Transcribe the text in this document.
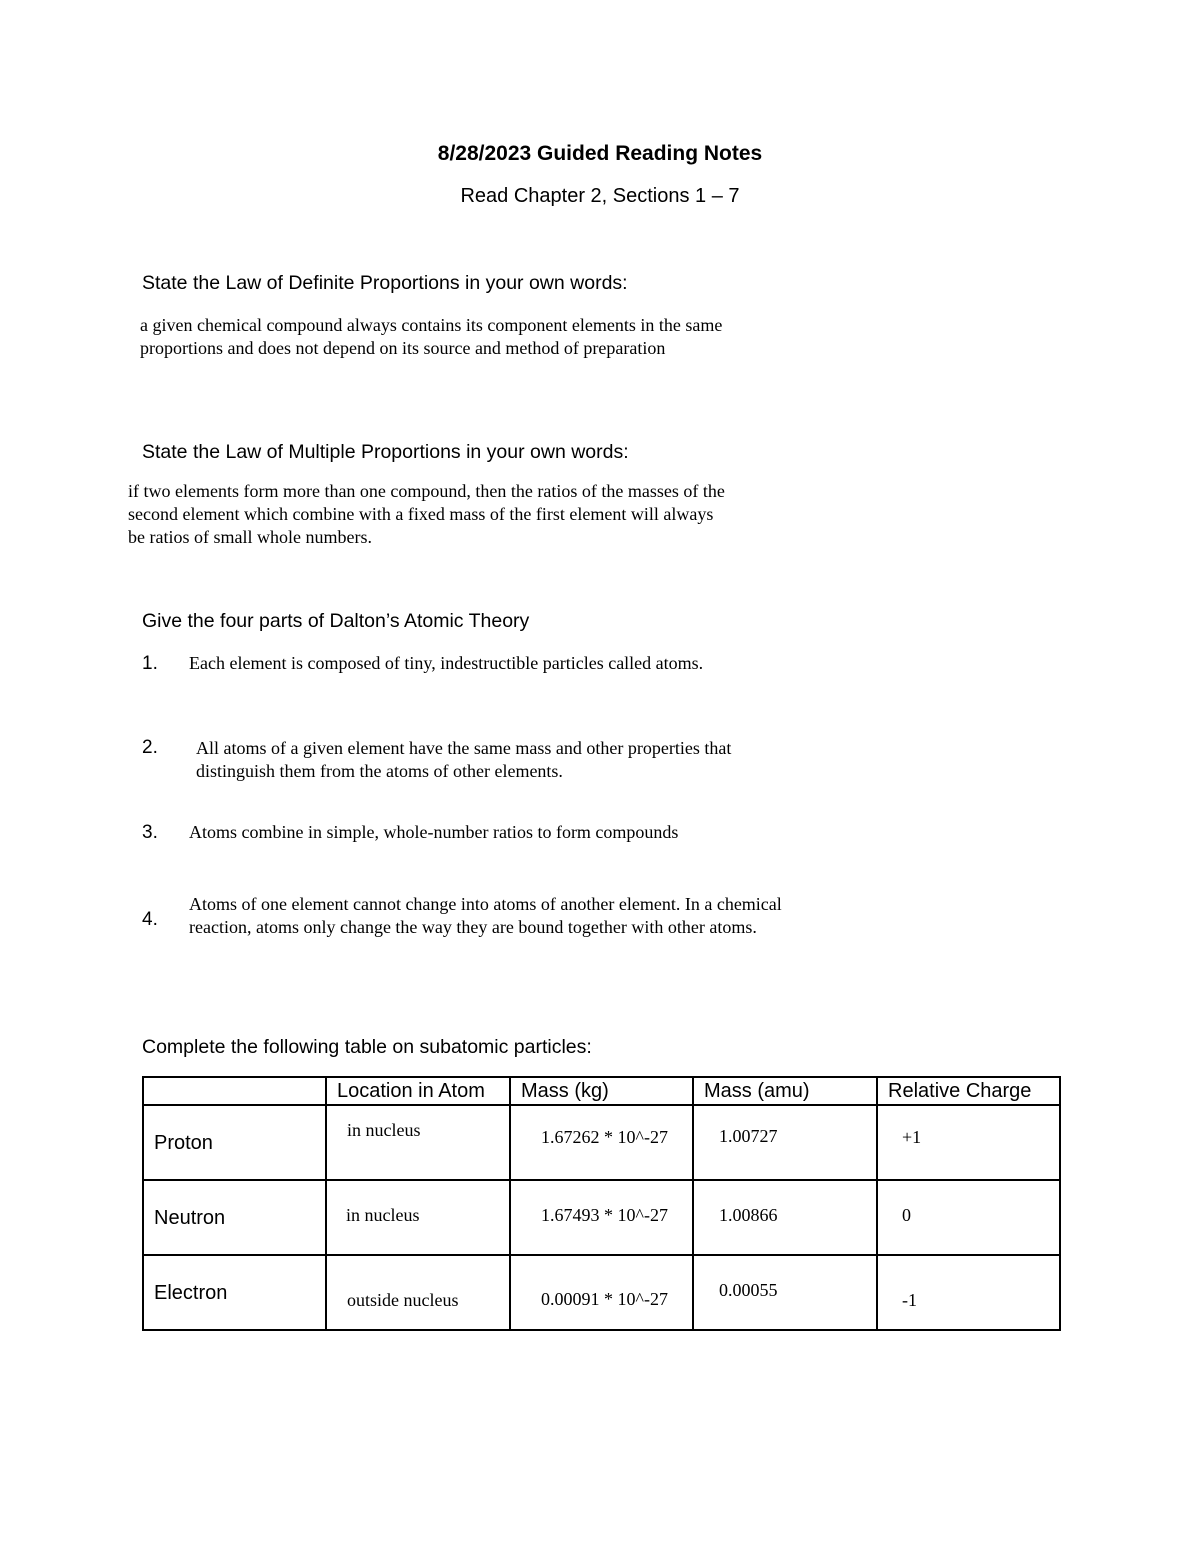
8/28/2023 Guided Reading Notes
Read Chapter 2, Sections 1 – 7
State the Law of Definite Proportions in your own words:
a given chemical compound always contains its component elements in the same
proportions and does not depend on its source and method of preparation
State the Law of Multiple Proportions in your own words:
if two elements form more than one compound, then the ratios of the masses of the
second element which combine with a fixed mass of the first element will always
be ratios of small whole numbers.
Give the four parts of Dalton’s Atomic Theory
1. Each element is composed of tiny, indestructible particles called atoms.
2. All atoms of a given element have the same mass and other properties that
distinguish them from the atoms of other elements.
3. Atoms combine in simple, whole-number ratios to form compounds
4.
Atoms of one element cannot change into atoms of another element. In a chemical
reaction, atoms only change the way they are bound together with other atoms.
Complete the following table on subatomic particles:
	Location in Atom	Mass (kg)	Mass (amu)	Relative Charge

Proton	in nucleus	1.67262 * 10^-27	1.00727	+1

Neutron	in nucleus	1.67493 * 10^-27	1.00866	0

Electron	outside nucleus	0.00091 * 10^-27	0.00055	-1
